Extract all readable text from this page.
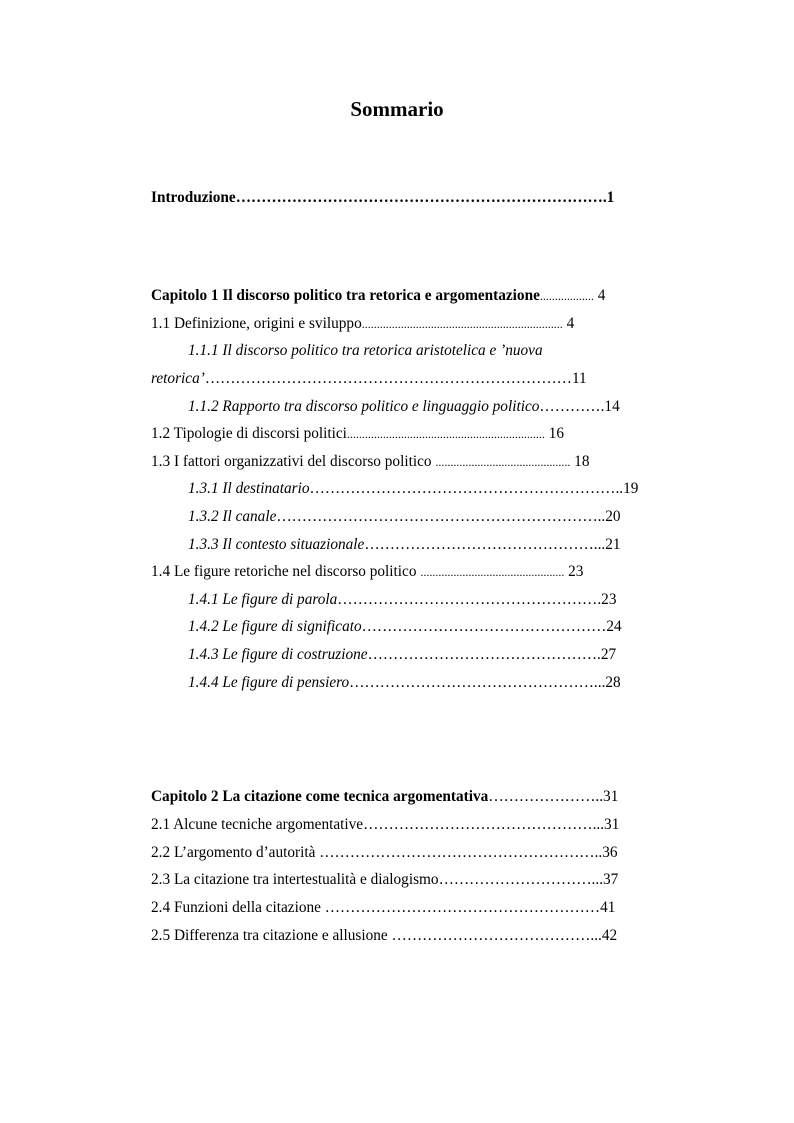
Sommario
Introduzione……………………………………………………………….1
Capitolo 1 Il discorso politico tra retorica e argomentazione.................. 4
1.1 Definizione, origini e sviluppo................................................................... 4
1.1.1 Il discorso politico tra retorica aristotelica e ’nuova
retorica’………………………………………………………………11
1.1.2 Rapporto tra discorso politico e linguaggio politico………….14
1.2 Tipologie di discorsi politici.................................................................. 16
1.3 I fattori organizzativi del discorso politico ............................................. 18
1.3.1 Il destinatario……………………………………………………..19
1.3.2 Il canale………………………………………………………..20
1.3.3 Il contesto situazionale………………………………………...21
1.4 Le figure retoriche nel discorso politico ................................................ 23
1.4.1 Le figure di parola…………………………………………….23
1.4.2 Le figure di significato…………………………………………24
1.4.3 Le figure di costruzione……………………………………….27
1.4.4 Le figure di pensiero…………………………………………...28
Capitolo 2 La citazione come tecnica argomentativa…………………..31
2.1 Alcune tecniche argomentative………………………………………...31
2.2 L’argomento d’autorità ………………………………………………..36
2.3 La citazione tra intertestualità e dialogismo…………………………...37
2.4 Funzioni della citazione ………………………………………………41
2.5 Differenza tra citazione e allusione …………………………………...42
